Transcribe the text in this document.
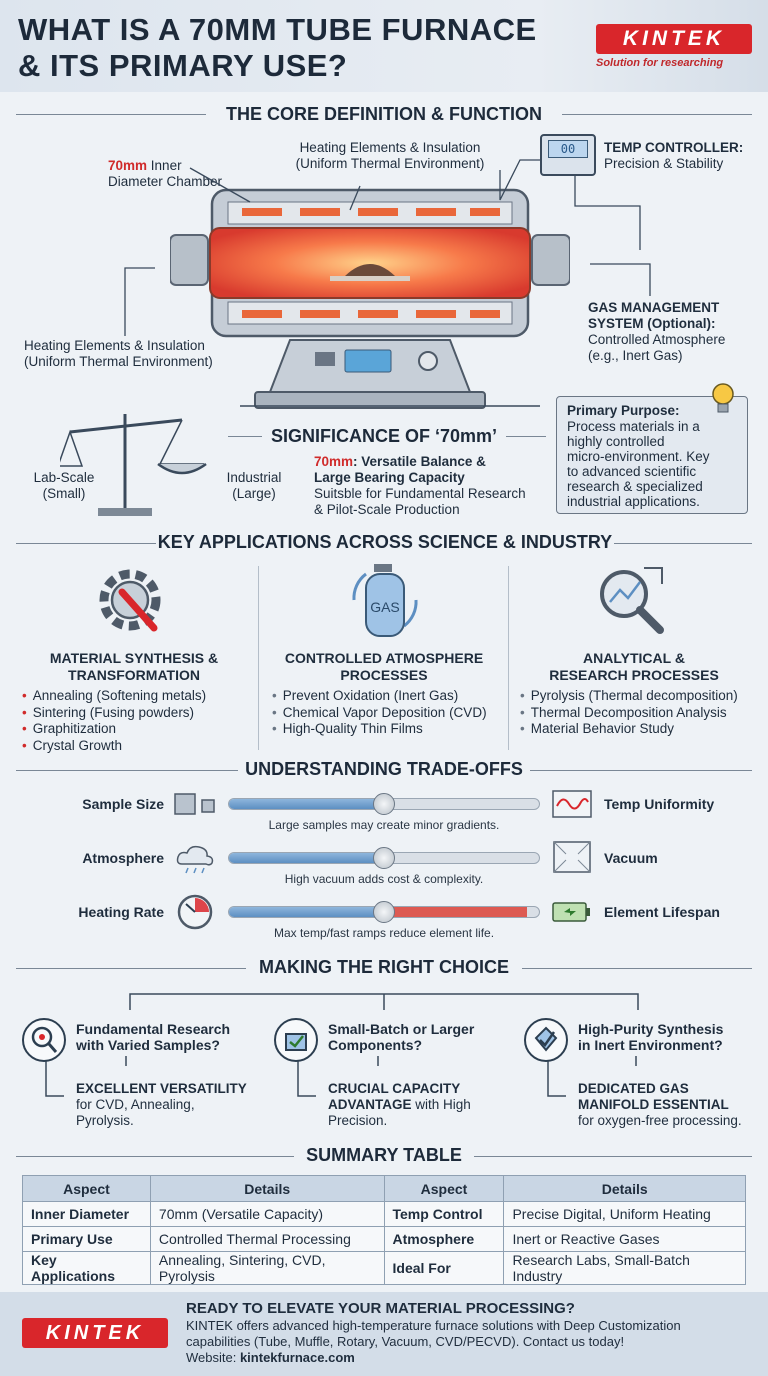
WHAT IS A 70MM TUBE FURNACE
& ITS PRIMARY USE?
KINTEK
Solution for researching
THE CORE DEFINITION & FUNCTION
00
70mm Inner
Diameter Chamber
Heating Elements & Insulation
(Uniform Thermal Environment)
TEMP CONTROLLER:
Precision & Stability
Heating Elements & Insulation
(Uniform Thermal Environment)
GAS MANAGEMENT
SYSTEM (Optional):
Controlled Atmosphere
(e.g., Inert Gas)
Primary Purpose:
Process materials in a
highly controlled
micro-environment. Key
to advanced scientific
research & specialized
industrial applications.
SIGNIFICANCE OF ‘70mm’
Lab-Scale
(Small)
Industrial
(Large)
70mm: Versatile Balance &
Large Bearing Capacity
Suitsble for Fundamental Research
& Pilot-Scale Production
KEY APPLICATIONS ACROSS SCIENCE & INDUSTRY
GAS
MATERIAL SYNTHESIS &
TRANSFORMATION
• Annealing (Softening metals)
• Sintering (Fusing powders)
• Graphitization
• Crystal Growth
CONTROLLED ATMOSPHERE
PROCESSES
• Prevent Oxidation (Inert Gas)
• Chemical Vapor Deposition (CVD)
• High-Quality Thin Films
ANALYTICAL &
RESEARCH PROCESSES
• Pyrolysis (Thermal decomposition)
• Thermal Decomposition Analysis
• Material Behavior Study
UNDERSTANDING TRADE-OFFS
Sample Size	Temp Uniformity
Large samples may create minor gradients.
Atmosphere	Vacuum
High vacuum adds cost & complexity.
Heating Rate	Element Lifespan
Max temp/fast ramps reduce element life.
MAKING THE RIGHT CHOICE
Fundamental Research
with Varied Samples?
EXCELLENT VERSATILITY
for CVD, Annealing,
Pyrolysis.
Small-Batch or Larger
Components?
CRUCIAL CAPACITY
ADVANTAGE with High
Precision.
High-Purity Synthesis
in Inert Environment?
DEDICATED GAS
MANIFOLD ESSENTIAL
for oxygen-free processing.
SUMMARY TABLE
Aspect	Details	Aspect	Details
Inner Diameter	70mm (Versatile Capacity)	Temp Control	Precise Digital, Uniform Heating
Primary Use	Controlled Thermal Processing	Atmosphere	Inert or Reactive Gases
Key Applications	Annealing, Sintering, CVD, Pyrolysis	Ideal For	Research Labs, Small-Batch Industry
KINTEK
READY TO ELEVATE YOUR MATERIAL PROCESSING?
KINTEK offers advanced high-temperature furnace solutions with Deep Customization
capabilities (Tube, Muffle, Rotary, Vacuum, CVD/PECVD). Contact us today!
Website: kintekfurnace.com
